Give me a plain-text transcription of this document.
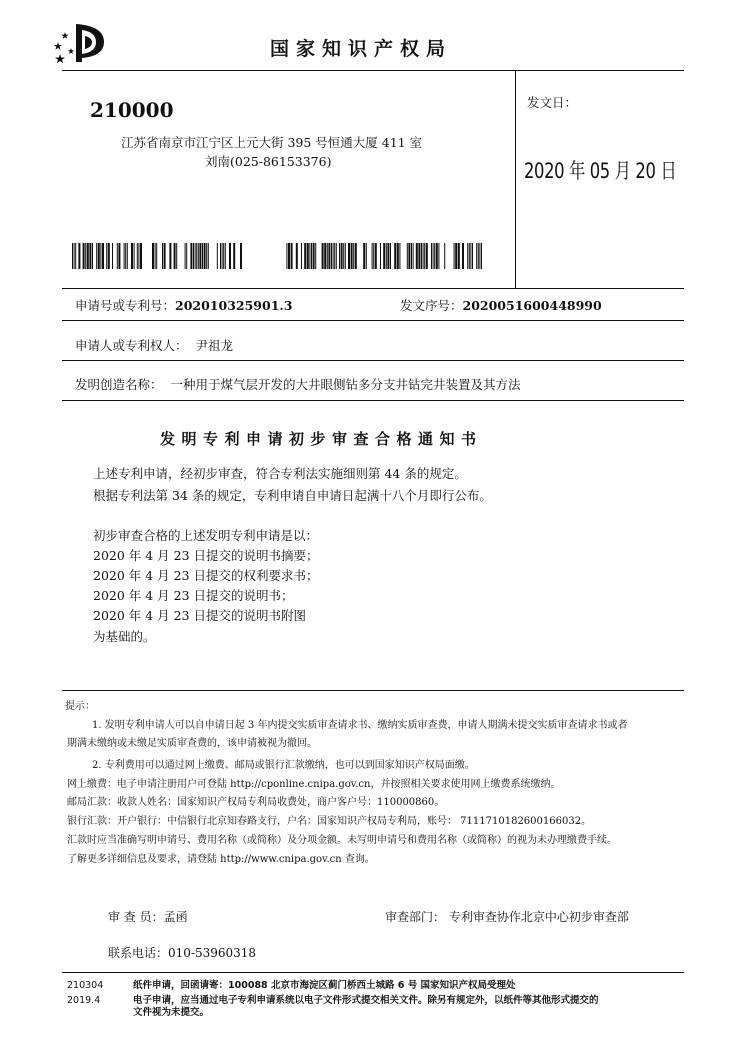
国家知识产权局
210000
江苏省南京市江宁区上元大街 395 号恒通大厦 411 室
刘南(025-86153376)
发文日：
2020 年 05 月 20 日
申请号或专利号：202010325901.3	发文序号：2020051600448990
申请人或专利权人： 尹祖龙
发明创造名称： 一种用于煤气层开发的大井眼侧钻多分支井钻完井装置及其方法
发明专利申请初步审查合格通知书
上述专利申请，经初步审查，符合专利法实施细则第 44 条的规定。
根据专利法第 34 条的规定，专利申请自申请日起满十八个月即行公布。
初步审查合格的上述发明专利申请是以：
2020 年 4 月 23 日提交的说明书摘要；
2020 年 4 月 23 日提交的权利要求书；
2020 年 4 月 23 日提交的说明书；
2020 年 4 月 23 日提交的说明书附图
为基础的。
提示：
1. 发明专利申请人可以自申请日起 3 年内提交实质审查请求书、缴纳实质审查费，申请人期满未提交实质审查请求书或者
期满未缴纳或未缴足实质审查费的，该申请被视为撤回。
2. 专利费用可以通过网上缴费、邮局或银行汇款缴纳，也可以到国家知识产权局面缴。
网上缴费：电子申请注册用户可登陆 http://cponline.cnipa.gov.cn，并按照相关要求使用网上缴费系统缴纳。
邮局汇款：收款人姓名：国家知识产权局专利局收费处，商户客户号：110000860。
银行汇款：开户银行：中信银行北京知春路支行，户名：国家知识产权局专利局，账号： 7111710182600166032。
汇款时应当准确写明申请号、费用名称（或简称）及分项金额。未写明申请号和费用名称（或简称）的视为未办理缴费手续。
了解更多详细信息及要求，请登陆 http://www.cnipa.gov.cn 查询。
审 查 员：孟函	审查部门： 专利审查协作北京中心初步审查部
联系电话：010-53960318
210304
2019.4
纸件申请，回函请寄：100088 北京市海淀区蓟门桥西土城路 6 号 国家知识产权局受理处
电子申请，应当通过电子专利申请系统以电子文件形式提交相关文件。除另有规定外，以纸件等其他形式提交的
文件视为未提交。
